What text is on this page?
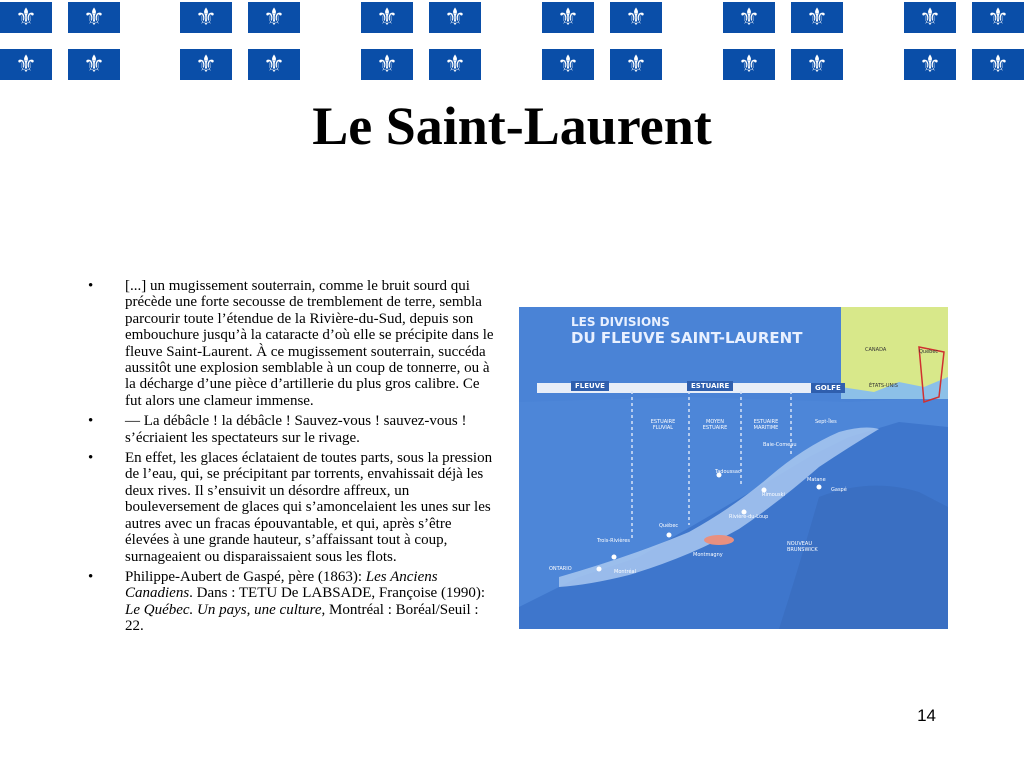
⚜	⚜
⚜	⚜
⚜	⚜
⚜	⚜
⚜	⚜
⚜	⚜
⚜	⚜
⚜	⚜
⚜	⚜
⚜	⚜
⚜	⚜
⚜	⚜
Le Saint-Laurent
• [...] un mugissement souterrain, comme le bruit sourd qui précède une forte secousse de tremblement de terre, sembla parcourir toute l’étendue de la Rivière-du-Sud, depuis son embouchure jusqu’à la cataracte d’où elle se précipite dans le fleuve Saint-Laurent. À ce mugissement souterrain, succéda aussitôt une explosion semblable à un coup de tonnerre, ou à la décharge d’une pièce d’artillerie du plus gros calibre. Ce fut alors une clameur immense.
• — La débâcle ! la débâcle ! Sauvez-vous ! sauvez-vous ! s’écriaient les spectateurs sur le rivage.
• En effet, les glaces éclataient de toutes parts, sous la pression de l’eau, qui, se précipitant par torrents, envahissait déjà les deux rives. Il s’ensuivit un désordre affreux, un bouleversement de glaces qui s’amoncelaient les unes sur les autres avec un fracas épouvantable, et qui, après s’être élevées à une grande hauteur, s’affaissant tout à coup, surnageaient ou disparaissaient sous les flots.
• Philippe-Aubert de Gaspé, père (1863): Les Anciens Canadiens. Dans : TETU De LABSADE, Françoise (1990): Le Québec. Un pays, une culture, Montréal : Boréal/Seuil : 22.
LES DIVISIONS
DU FLEUVE SAINT-LAURENT
FLEUVE	ESTUAIRE	GOLFE
ESTUAIRE FLUVIAL
MOYEN ESTUAIRE
ESTUAIRE MARITIME
Québec
Trois-Rivières
Montréal
Rivière-du-Loup
Rimouski
Matane
Gaspé
Baie-Comeau
Tadoussac
Sept-Îles
Montmagny
ONTARIO
NOUVEAU BRUNSWICK
CANADA
ÉTATS-UNIS
Québec
14
